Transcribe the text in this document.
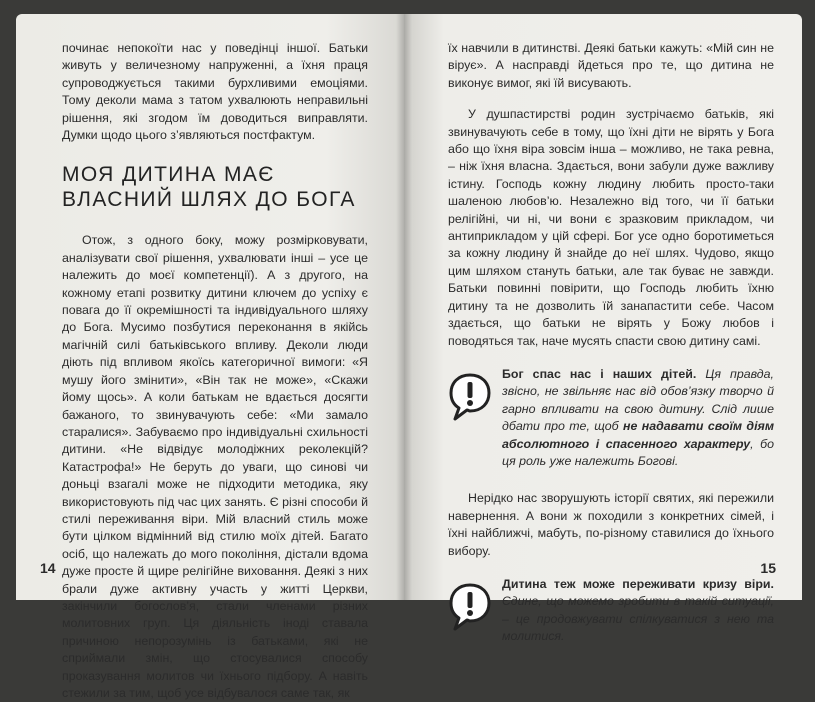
починає непокоїти нас у поведінці іншої. Батьки живуть у величезному напруженні, а їхня праця супроводжується такими бурхливими емоціями. Тому деколи мама з татом ухвалюють неправильні рішення, які згодом їм доводиться виправляти. Думки щодо цього з’являються постфактум.

МОЯ ДИТИНА МАЄ
ВЛАСНИЙ ШЛЯХ ДО БОГА

Отож, з одного боку, можу розмірковувати, аналізувати свої рішення, ухвалювати інші – усе це належить до моєї компетенції). А з другого, на кожному етапі розвитку дитини ключем до успіху є повага до її окремішності та індивідуального шляху до Бога. Мусимо позбутися переконання в якійсь магічній силі батьківського впливу. Деколи люди діють під впливом якоїсь категоричної вимоги: «Я мушу його змінити», «Він так не може», «Скажи йому щось». А коли батькам не вдається досягти бажаного, то звинувачують себе: «Ми замало старалися». Забуваємо про індивідуальні схильності дитини. «Не відвідує молодіжних реколекцій? Катастрофа!» Не беруть до уваги, що синові чи доньці взагалі може не підходити методика, яку використовують під час цих занять. Є різні способи й стилі переживання віри. Мій власний стиль може бути цілком відмінний від стилю моїх дітей. Багато осіб, що належать до мого покоління, дістали вдома дуже просте й щире релігійне виховання. Деякі з них брали дуже активну участь у житті Церкви, закінчили богослов’я, стали членами різних молитовних груп. Ця діяльність іноді ставала причиною непорозумінь із батьками, які не сприймали змін, що стосувалися способу проказування молитов чи їхнього підбору. А навіть стежили за тим, щоб усе відбувалося саме так, як

14

їх навчили в дитинстві. Деякі батьки кажуть: «Мій син не вірує». А насправді йдеться про те, що дитина не виконує вимог, які їй висувають.

У душпастирстві родин зустрічаємо батьків, які звинувачують себе в тому, що їхні діти не вірять у Бога або що їхня віра зовсім інша – можливо, не така ревна, – ніж їхня власна. Здається, вони забули дуже важливу істину. Господь кожну людину любить просто-таки шаленою любов’ю. Незалежно від того, чи її батьки релігійні, чи ні, чи вони є зразковим прикладом, чи антиприкладом у цій сфері. Бог усе одно боротиметься за кожну людину й знайде до неї шлях. Чудово, якщо цим шляхом стануть батьки, але так буває не завжди. Батьки повинні повірити, що Господь любить їхню дитину та не дозволить їй занапастити себе. Часом здається, що батьки не вірять у Божу любов і поводяться так, наче мусять спасти свою дитину самі.

Бог спас нас і наших дітей. Ця правда, звісно, не звільняє нас від обов’язку творчо й гарно впливати на свою дитину. Слід лише дбати про те, щоб не надавати своїм діям абсолютного і спасенного характеру, бо ця роль уже належить Богові.

Нерідко нас зворушують історії святих, які пережили навернення. А вони ж походили з конкретних сімей, і їхні найближчі, мабуть, по-різному ставилися до їхнього вибору.

Дитина теж може переживати кризу віри. Єдине, що можемо зробити в такій ситуації, – це продовжувати спілкуватися з нею та молитися.
15
